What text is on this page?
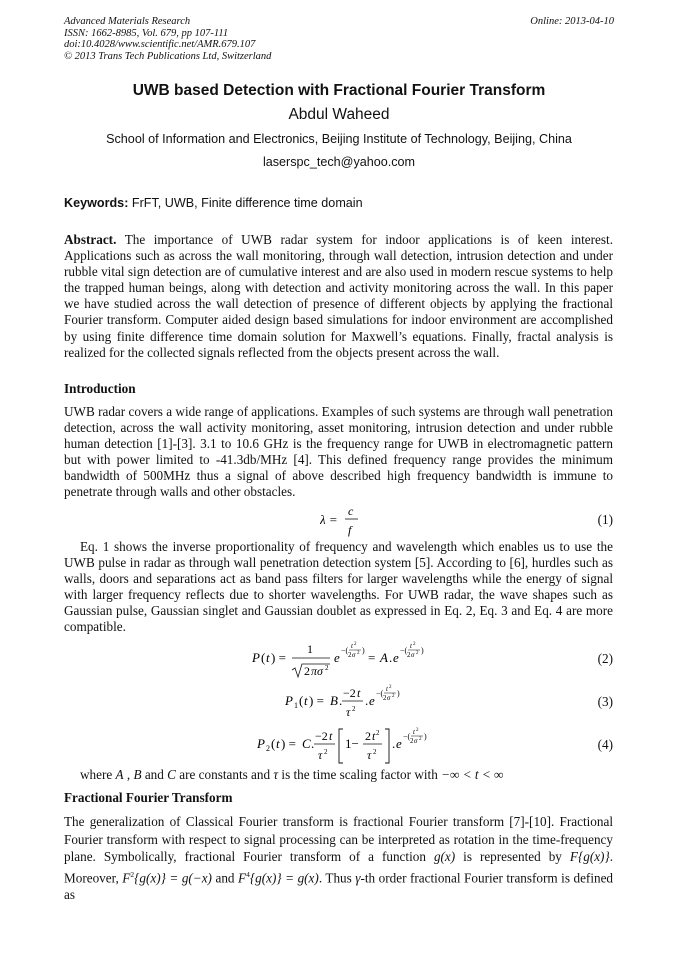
Advanced Materials Research
ISSN: 1662-8985, Vol. 679, pp 107-111
doi:10.4028/www.scientific.net/AMR.679.107
© 2013 Trans Tech Publications Ltd, Switzerland
Online: 2013-04-10
UWB based Detection with Fractional Fourier Transform
Abdul Waheed
School of Information and Electronics, Beijing Institute of Technology, Beijing, China
laserspc_tech@yahoo.com
Keywords: FrFT, UWB, Finite difference time domain

Abstract. The importance of UWB radar system for indoor applications is of keen interest. Applications such as across the wall monitoring, through wall detection, intrusion detection and under rubble vital sign detection are of cumulative interest and are also used in modern rescue systems to help the trapped human beings, along with detection and activity monitoring across the wall. In this paper we have studied across the wall detection of presence of different objects by applying the fractional Fourier transform. Computer aided design based simulations for indoor environment are accomplished by using finite difference time domain solution for Maxwell’s equations. Finally, fractal analysis is realized for the collected signals reflected from the objects present across the wall.

Introduction

UWB radar covers a wide range of applications. Examples of such systems are through wall penetration detection, across the wall activity monitoring, asset monitoring, intrusion detection and under rubble human detection [1]-[3]. 3.1 to 10.6 GHz is the frequency range for UWB in electromagnetic pattern but with power limited to -41.3db/MHz [4]. This defined frequency range provides the minimum bandwidth of 500MHz thus a signal of above described high frequency bandwidth is immune to penetrate through walls and other obstacles.

λ =
c
f
(1)

Eq. 1 shows the inverse proportionality of frequency and wavelength which enables us to use the UWB pulse in radar as through wall penetration detection system [5]. According to [6], hurdles such as walls, doors and separations act as band pass filters for larger wavelengths while the energy of signal with larger frequency reflects due to shorter wavelengths. For UWB radar, the wave shapes such as Gaussian pulse, Gaussian singlet and Gaussian doublet as expressed in Eq. 2, Eq. 3 and Eq. 4 are more compatible.

P ( t ) =
1
2 πσ 2
e −( t 2
2 σ 2 ) = A . e −( t 2
2 σ 2 )
(2)
P 1 ( t ) = B . −2 t
τ 2
. e −( t 2
2 σ 2 )
(3)
P 2 ( t ) = C . −2 t
τ 2
1− 2 t 2
τ 2
. e −( t 2
2 σ 2 )
(4)
where A , B and C are constants and τ is the time scaling factor with −∞ < t < ∞
Fractional Fourier Transform

The generalization of Classical Fourier transform is fractional Fourier transform [7]-[10]. Fractional Fourier transform with respect to signal processing can be interpreted as rotation in the time-frequency plane. Symbolically, fractional Fourier transform of a function g(x) is represented by F{g(x)}. Moreover, $F^2\{g(x)\} = g(-x)$ and $F^4\{g(x)\} = g(x)$. Thus γ-th order fractional Fourier transform is defined as
